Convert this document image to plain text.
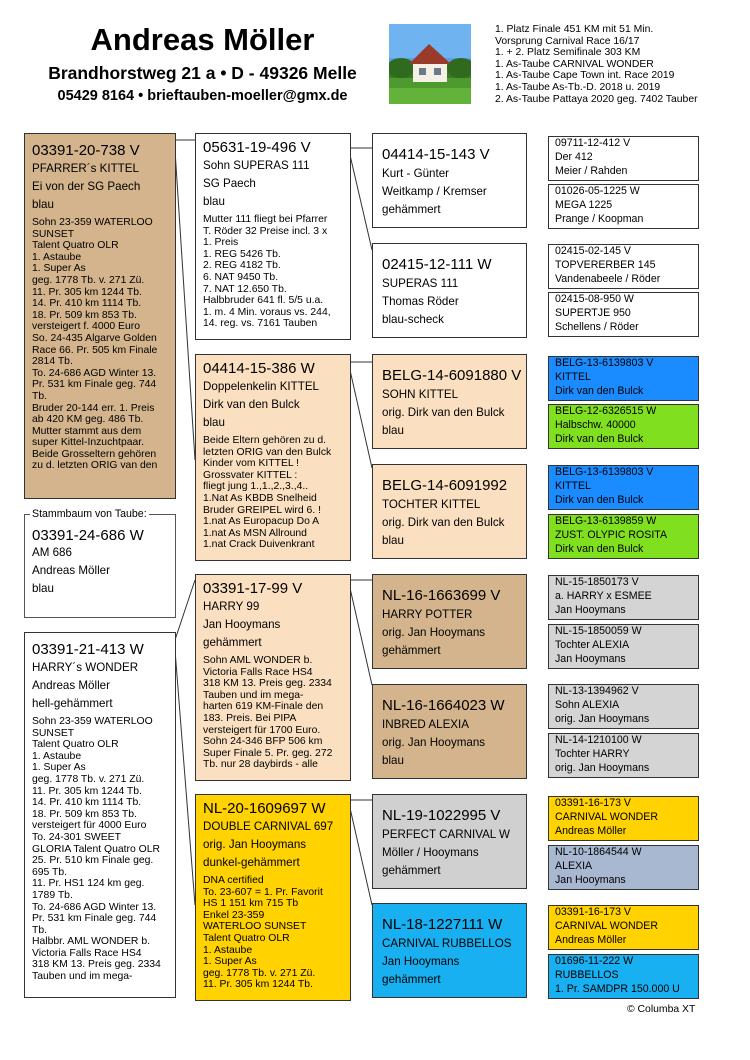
Andreas Möller
Brandhorstweg 21 a • D - 49326 Melle
05429 8164 • brieftauben-moeller@gmx.de
1. Platz Finale 451 KM mit 51 Min.
Vorsprung Carnival Race 16/17
1. + 2. Platz Semifinale 303 KM
1. As-Taube CARNIVAL WONDER
1. As-Taube Cape Town int. Race 2019
1. As-Taube As-Tb.-D. 2018 u. 2019
2. As-Taube Pattaya 2020 geg. 7402 Tauber
03391-20-738 V
PFARRER´s KITTEL
Ei von der SG Paech
blau
Sohn 23-359 WATERLOO
SUNSET
Talent Quatro OLR
1. Astaube
1. Super As
geg. 1778 Tb. v. 271 Zü.
11. Pr. 305 km 1244 Tb.
14. Pr. 410 km 1114 Tb.
18. Pr. 509 km 853 Tb.
versteigert f. 4000 Euro
So. 24-435 Algarve Golden
Race 66. Pr. 505 km Finale
2814 Tb.
To. 24-686 AGD Winter 13.
Pr. 531 km Finale geg. 744
Tb.
Bruder 20-144 err. 1. Preis
ab 420 KM geg. 486 Tb.
Mutter stammt aus dem
super Kittel-Inzuchtpaar.
Beide Grosseltern gehören
zu d. letzten ORIG van den
03391-24-686 W
AM 686
Andreas Möller
blau
Stammbaum von Taube:
03391-21-413 W
HARRY´s WONDER
Andreas Möller
hell-gehämmert
Sohn 23-359 WATERLOO
SUNSET
Talent Quatro OLR
1. Astaube
1. Super As
geg. 1778 Tb. v. 271 Zü.
11. Pr. 305 km 1244 Tb.
14. Pr. 410 km 1114 Tb.
18. Pr. 509 km 853 Tb.
versteigert für 4000 Euro
To. 24-301 SWEET
GLORIA Talent Quatro OLR
25. Pr. 510 km Finale geg.
695 Tb.
11. Pr. HS1 124 km geg.
1789 Tb.
To. 24-686 AGD Winter 13.
Pr. 531 km Finale geg. 744
Tb.
Halbbr. AML WONDER b.
Victoria Falls Race HS4
318 KM 13. Preis geg. 2334
Tauben und im mega-
05631-19-496 V
Sohn SUPERAS 111
SG Paech
blau
Mutter 111 fliegt bei Pfarrer
T. Röder 32 Preise incl. 3 x
1. Preis
1. REG 5426 Tb.
2. REG 4182 Tb.
6. NAT 9450 Tb.
7. NAT 12.650 Tb.
Halbbruder 641 fl. 5/5 u.a.
1. m. 4 Min. voraus vs. 244,
14. reg. vs. 7161 Tauben
04414-15-386 W
Doppelenkelin KITTEL
Dirk van den Bulck
blau
Beide Eltern gehören zu d.
letzten ORIG van den Bulck
Kinder vom KITTEL !
Grossvater KITTEL :
fliegt jung 1.,1.,2.,3.,4..
1.Nat As KBDB Snelheid
Bruder GREIPEL wird 6. !
1.nat As Europacup Do A
1.nat As MSN Allround
1.nat Crack Duivenkrant
03391-17-99 V
HARRY 99
Jan Hooymans
gehämmert
Sohn AML WONDER b.
Victoria Falls Race HS4
318 KM 13. Preis geg. 2334
Tauben und im mega-
harten 619 KM-Finale den
183. Preis. Bei PIPA
versteigert für 1700 Euro.
Sohn 24-346 BFP 506 km
Super Finale 5. Pr. geg. 272
Tb. nur 28 daybirds - alle
NL-20-1609697 W
DOUBLE CARNIVAL 697
orig. Jan Hooymans
dunkel-gehämmert
DNA certified
To. 23-607 = 1. Pr. Favorit
HS 1 151 km 715 Tb
Enkel 23-359
WATERLOO SUNSET
Talent Quatro OLR
1. Astaube
1. Super As
geg. 1778 Tb. v. 271 Zü.
11. Pr. 305 km 1244 Tb.
04414-15-143 V
Kurt - Günter
Weitkamp / Kremser
gehämmert
02415-12-111 W
SUPERAS 111
Thomas Röder
blau-scheck
BELG-14-6091880 V
SOHN KITTEL
orig. Dirk van den Bulck
blau
BELG-14-6091992
TOCHTER KITTEL
orig. Dirk van den Bulck
blau
NL-16-1663699 V
HARRY POTTER
orig. Jan Hooymans
gehämmert
NL-16-1664023 W
INBRED ALEXIA
orig. Jan Hooymans
blau
NL-19-1022995 V
PERFECT CARNIVAL W
Möller / Hooymans
gehämmert
NL-18-1227111 W
CARNIVAL RUBBELLOS
Jan Hooymans
gehämmert
09711-12-412 V
Der 412
Meier / Rahden
01026-05-1225 W
MEGA 1225
Prange / Koopman
02415-02-145 V
TOPVERERBER 145
Vandenabeele / Röder
02415-08-950 W
SUPERTJE 950
Schellens / Röder
BELG-13-6139803 V
KITTEL
Dirk van den Bulck
BELG-12-6326515 W
Halbschw. 40000
Dirk van den Bulck
BELG-13-6139803 V
KITTEL
Dirk van den Bulck
BELG-13-6139859 W
ZUST. OLYPIC ROSITA
Dirk van den Bulck
NL-15-1850173 V
a. HARRY x ESMEE
Jan Hooymans
NL-15-1850059 W
Tochter ALEXIA
Jan Hooymans
NL-13-1394962 V
Sohn ALEXIA
orig. Jan Hooymans
NL-14-1210100 W
Tochter HARRY
orig. Jan Hooymans
03391-16-173 V
CARNIVAL WONDER
Andreas Möller
NL-10-1864544 W
ALEXIA
Jan Hooymans
03391-16-173 V
CARNIVAL WONDER
Andreas Möller
01696-11-222 W
RUBBELLOS
1. Pr. SAMDPR 150.000 U
© Columba XT
